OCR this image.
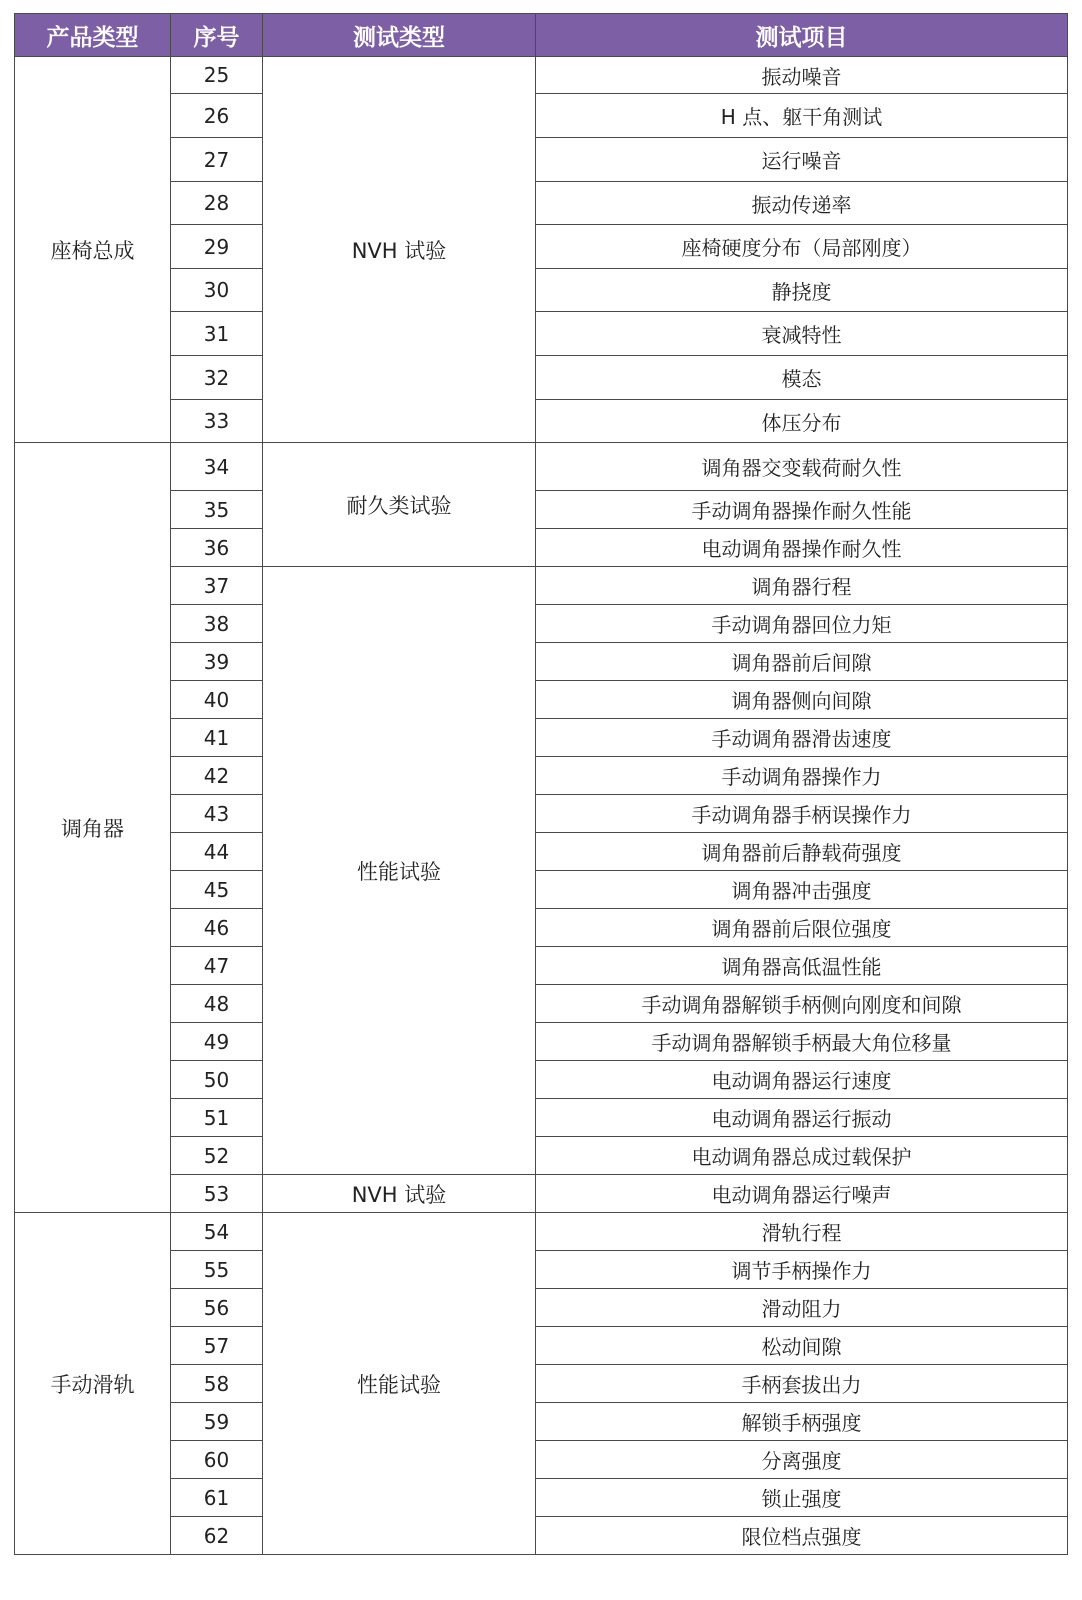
产品类型	序号	测试类型	测试项目
座椅总成	25	NVH 试验	振动噪音
	26		H 点、躯干角测试
	27		运行噪音
	28		振动传递率
	29		座椅硬度分布（局部刚度）
	30		静挠度
	31		衰减特性
	32		模态
	33		体压分布
调角器	34	耐久类试验	调角器交变载荷耐久性
	35		手动调角器操作耐久性能
	36		电动调角器操作耐久性
	37	性能试验	调角器行程
	38		手动调角器回位力矩
	39		调角器前后间隙
	40		调角器侧向间隙
	41		手动调角器滑齿速度
	42		手动调角器操作力
	43		手动调角器手柄误操作力
	44		调角器前后静载荷强度
	45		调角器冲击强度
	46		调角器前后限位强度
	47		调角器高低温性能
	48		手动调角器解锁手柄侧向刚度和间隙
	49		手动调角器解锁手柄最大角位移量
	50		电动调角器运行速度
	51		电动调角器运行振动
	52		电动调角器总成过载保护
	53	NVH 试验	电动调角器运行噪声
手动滑轨	54	性能试验	滑轨行程
	55		调节手柄操作力
	56		滑动阻力
	57		松动间隙
	58		手柄套拔出力
	59		解锁手柄强度
	60		分离强度
	61		锁止强度
	62		限位档点强度
